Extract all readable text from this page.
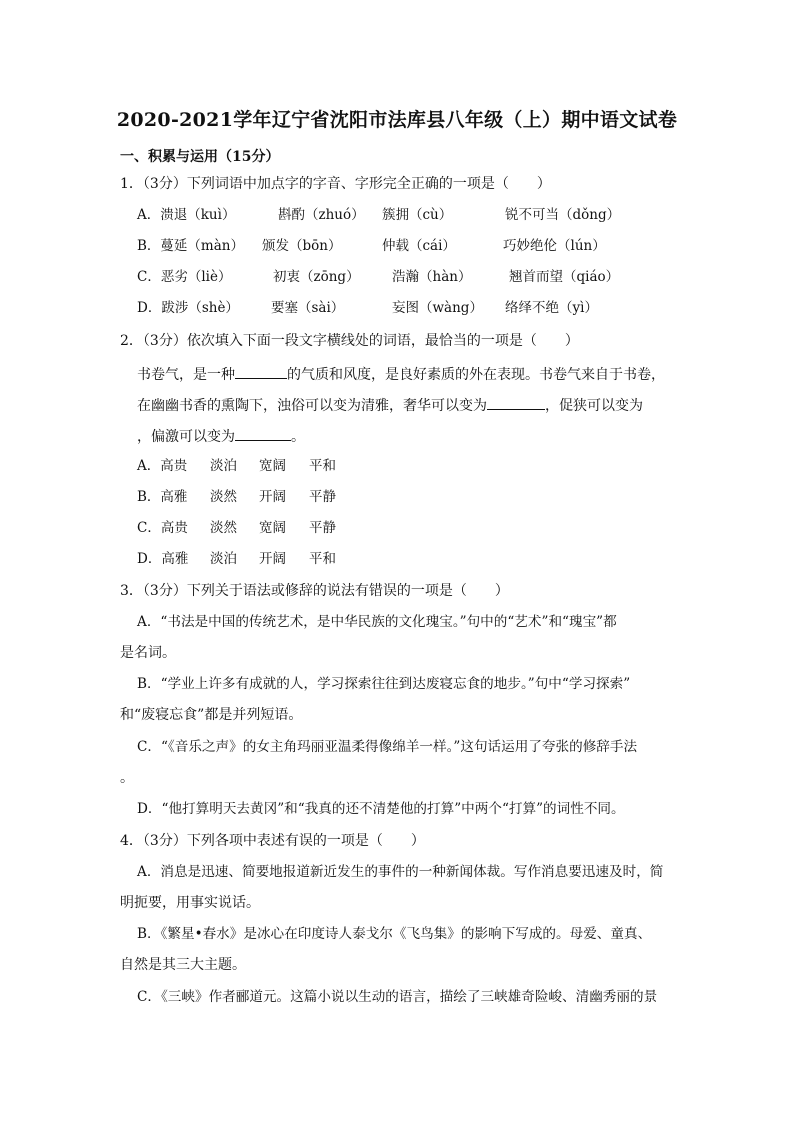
2020-2021学年辽宁省沈阳市法库县八年级（上）期中语文试卷
一、积累与运用（15分）
1．（3分）下列词语中加点字的字音、字形完全正确的一项是（　　）
A．溃退（kuì）	斟酌（zhuó） 簇拥（cù）	锐不可当（dǒng）
B．蔓延（màn） 颁发（bōn）	仲载（cái）	巧妙绝伦（lún）
C．恶劣（liè）	初衷（zōng） 浩瀚（hàn）	翘首而望（qiáo）
D．跋涉（shè） 要塞（sài）	妄图（wàng） 络绎不绝（yì）
2．（3分）依次填入下面一段文字横线处的词语，最恰当的一项是（　　）
书卷气，是一种	的气质和风度，是良好素质的外在表现。书卷气来自于书卷，
在幽幽书香的熏陶下，浊俗可以变为清雅，奢华可以变为	，促狭可以变为
，偏激可以变为	。
A．高贵 淡泊 宽阔 平和
B．高雅 淡然 开阔 平静
C．高贵 淡然 宽阔 平静
D．高雅 淡泊 开阔 平和
3．（3分）下列关于语法或修辞的说法有错误的一项是（　　）
A．“书法是中国的传统艺术，是中华民族的文化瑰宝。”句中的“艺术”和“瑰宝”都
是名词。
B．“学业上许多有成就的人，学习探索往往到达废寝忘食的地步。”句中“学习探索”
和“废寝忘食”都是并列短语。
C．“《音乐之声》的女主角玛丽亚温柔得像绵羊一样。”这句话运用了夸张的修辞手法
。
D．“他打算明天去黄冈”和“我真的还不清楚他的打算”中两个“打算”的词性不同。
4．（3分）下列各项中表述有误的一项是（　　）
A．消息是迅速、简要地报道新近发生的事件的一种新闻体裁。写作消息要迅速及时，简
明扼要，用事实说话。
B．《繁星•春水》是冰心在印度诗人泰戈尔《飞鸟集》的影响下写成的。母爱、童真、
自然是其三大主题。
C．《三峡》作者郦道元。这篇小说以生动的语言，描绘了三峡雄奇险峻、清幽秀丽的景
